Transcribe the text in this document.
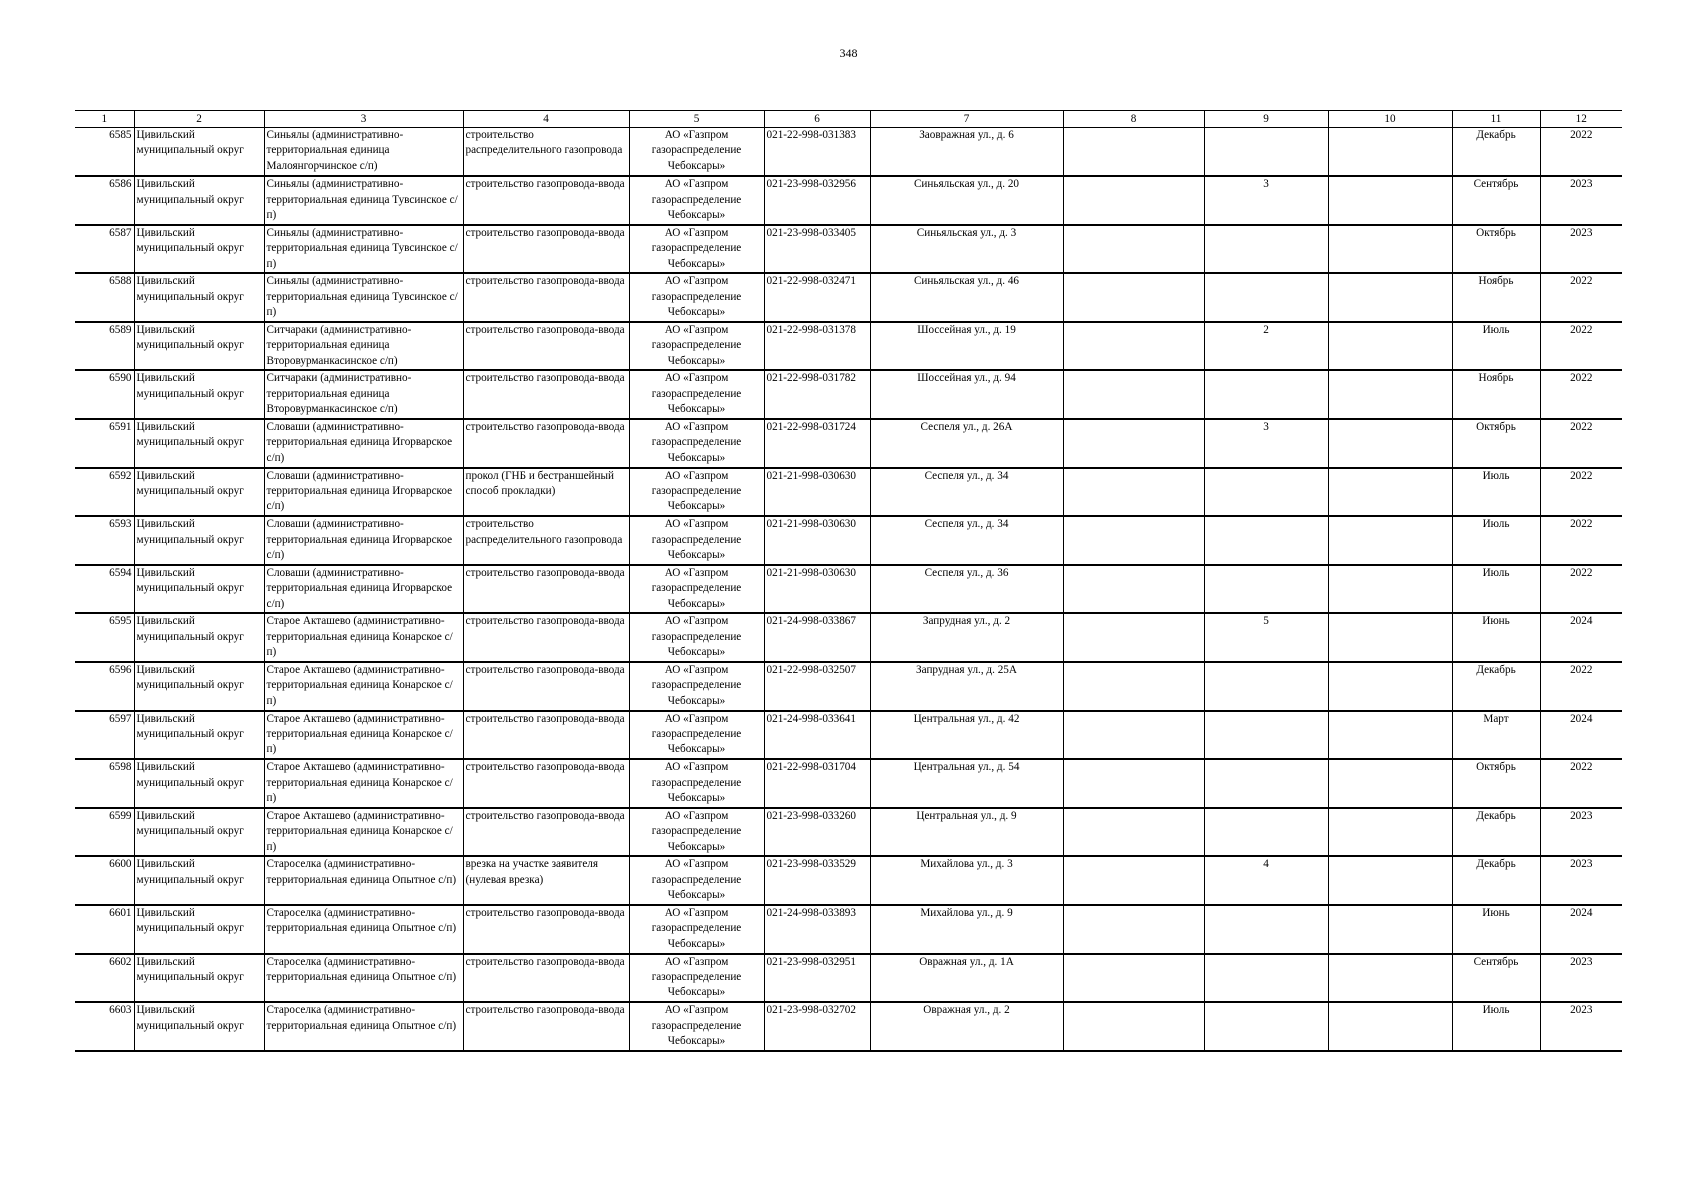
348
1	2	3	4	5	6	7	8	9	10	11	12
6585	Цивильский муниципальный округ	Синьялы (административно-территориальная единица Малоянгорчинское с/п)	строительство распределительного газопровода	АО «Газпром газораспределение Чебоксары»	021-22-998-031383	Заовражная ул., д. 6				Декабрь	2022
6586	Цивильский муниципальный округ	Синьялы (административно-территориальная единица Тувсинское с/п)	строительство газопровода-ввода	АО «Газпром газораспределение Чебоксары»	021-23-998-032956	Синьяльская ул., д. 20		3		Сентябрь	2023
6587	Цивильский муниципальный округ	Синьялы (административно-территориальная единица Тувсинское с/п)	строительство газопровода-ввода	АО «Газпром газораспределение Чебоксары»	021-23-998-033405	Синьяльская ул., д. 3				Октябрь	2023
6588	Цивильский муниципальный округ	Синьялы (административно-территориальная единица Тувсинское с/п)	строительство газопровода-ввода	АО «Газпром газораспределение Чебоксары»	021-22-998-032471	Синьяльская ул., д. 46				Ноябрь	2022
6589	Цивильский муниципальный округ	Ситчараки (административно-территориальная единица Второвурманкасинское с/п)	строительство газопровода-ввода	АО «Газпром газораспределение Чебоксары»	021-22-998-031378	Шоссейная ул., д. 19		2		Июль	2022
6590	Цивильский муниципальный округ	Ситчараки (административно-территориальная единица Второвурманкасинское с/п)	строительство газопровода-ввода	АО «Газпром газораспределение Чебоксары»	021-22-998-031782	Шоссейная ул., д. 94				Ноябрь	2022
6591	Цивильский муниципальный округ	Словаши (административно-территориальная единица Игорварское с/п)	строительство газопровода-ввода	АО «Газпром газораспределение Чебоксары»	021-22-998-031724	Сеспеля ул., д. 26А		3		Октябрь	2022
6592	Цивильский муниципальный округ	Словаши (административно-территориальная единица Игорварское с/п)	прокол (ГНБ и бестраншейный способ прокладки)	АО «Газпром газораспределение Чебоксары»	021-21-998-030630	Сеспеля ул., д. 34				Июль	2022
6593	Цивильский муниципальный округ	Словаши (административно-территориальная единица Игорварское с/п)	строительство распределительного газопровода	АО «Газпром газораспределение Чебоксары»	021-21-998-030630	Сеспеля ул., д. 34				Июль	2022
6594	Цивильский муниципальный округ	Словаши (административно-территориальная единица Игорварское с/п)	строительство газопровода-ввода	АО «Газпром газораспределение Чебоксары»	021-21-998-030630	Сеспеля ул., д. 36				Июль	2022
6595	Цивильский муниципальный округ	Старое Акташево (административно-территориальная единица Конарское с/п)	строительство газопровода-ввода	АО «Газпром газораспределение Чебоксары»	021-24-998-033867	Запрудная ул., д. 2		5		Июнь	2024
6596	Цивильский муниципальный округ	Старое Акташево (административно-территориальная единица Конарское с/п)	строительство газопровода-ввода	АО «Газпром газораспределение Чебоксары»	021-22-998-032507	Запрудная ул., д. 25А				Декабрь	2022
6597	Цивильский муниципальный округ	Старое Акташево (административно-территориальная единица Конарское с/п)	строительство газопровода-ввода	АО «Газпром газораспределение Чебоксары»	021-24-998-033641	Центральная ул., д. 42				Март	2024
6598	Цивильский муниципальный округ	Старое Акташево (административно-территориальная единица Конарское с/п)	строительство газопровода-ввода	АО «Газпром газораспределение Чебоксары»	021-22-998-031704	Центральная ул., д. 54				Октябрь	2022
6599	Цивильский муниципальный округ	Старое Акташево (административно-территориальная единица Конарское с/п)	строительство газопровода-ввода	АО «Газпром газораспределение Чебоксары»	021-23-998-033260	Центральная ул., д. 9				Декабрь	2023
6600	Цивильский муниципальный округ	Староселка (административно-территориальная единица Опытное с/п)	врезка на участке заявителя (нулевая врезка)	АО «Газпром газораспределение Чебоксары»	021-23-998-033529	Михайлова ул., д. 3		4		Декабрь	2023
6601	Цивильский муниципальный округ	Староселка (административно-территориальная единица Опытное с/п)	строительство газопровода-ввода	АО «Газпром газораспределение Чебоксары»	021-24-998-033893	Михайлова ул., д. 9				Июнь	2024
6602	Цивильский муниципальный округ	Староселка (административно-территориальная единица Опытное с/п)	строительство газопровода-ввода	АО «Газпром газораспределение Чебоксары»	021-23-998-032951	Овражная ул., д. 1А				Сентябрь	2023
6603	Цивильский муниципальный округ	Староселка (административно-территориальная единица Опытное с/п)	строительство газопровода-ввода	АО «Газпром газораспределение Чебоксары»	021-23-998-032702	Овражная ул., д. 2				Июль	2023
